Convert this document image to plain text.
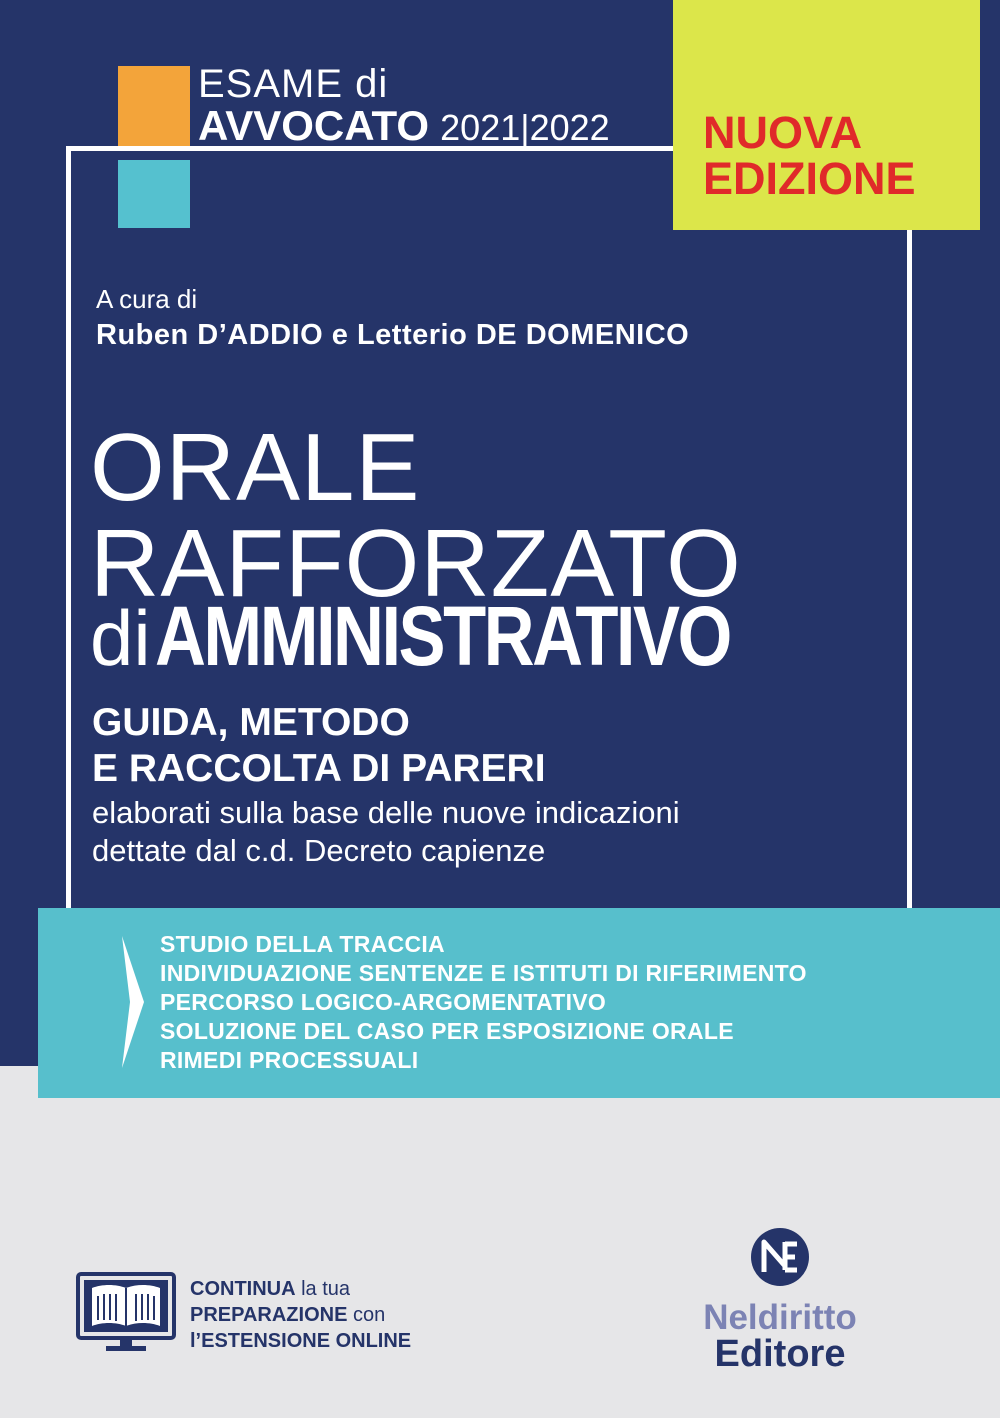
ESAME di
AVVOCATO 2021|2022 NUOVA
EDIZIONE
A cura di
Ruben D’ADDIO e Letterio DE DOMENICO
ORALE
RAFFORZATO
di AMMINISTRATIVO
GUIDA, METODO
E RACCOLTA DI PARERI
elaborati sulla base delle nuove indicazioni
dettate dal c.d. Decreto capienze
STUDIO DELLA TRACCIA
INDIVIDUAZIONE SENTENZE E ISTITUTI DI RIFERIMENTO
PERCORSO LOGICO-ARGOMENTATIVO
SOLUZIONE DEL CASO PER ESPOSIZIONE ORALE
RIMEDI PROCESSUALI
CONTINUA la tua
PREPARAZIONE con
l’ESTENSIONE ONLINE
Neldiritto
Editore
